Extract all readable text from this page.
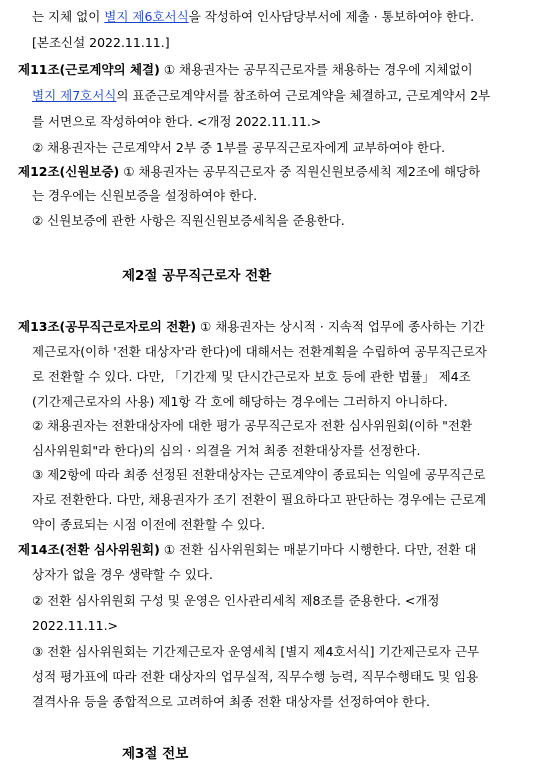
는 지체 없이 별지 제6호서식을 작성하여 인사담당부서에 제출 · 통보하여야 한다.
[본조신설 2022.11.11.]
제11조(근로계약의 체결) ① 채용권자는 공무직근로자를 채용하는 경우에 지체없이
별지 제7호서식의 표준근로계약서를 참조하여 근로계약을 체결하고, 근로계약서 2부
를 서면으로 작성하여야 한다. <개정 2022.11.11.>
② 채용권자는 근로계약서 2부 중 1부를 공무직근로자에게 교부하여야 한다.
제12조(신원보증) ① 채용권자는 공무직근로자 중 직원신원보증세칙 제2조에 해당하
는 경우에는 신원보증을 설정하여야 한다.
② 신원보증에 관한 사항은 직원신원보증세칙을 준용한다.
제2절 공무직근로자 전환
제13조(공무직근로자로의 전환) ① 채용권자는 상시적 · 지속적 업무에 종사하는 기간
제근로자(이하 '전환 대상자'라 한다)에 대해서는 전환계획을 수립하여 공무직근로자
로 전환할 수 있다. 다만, 「기간제 및 단시간근로자 보호 등에 관한 법률」 제4조
(기간제근로자의 사용) 제1항 각 호에 해당하는 경우에는 그러하지 아니하다.
② 채용권자는 전환대상자에 대한 평가 공무직근로자 전환 심사위원회(이하 "전환
심사위원회"라 한다)의 심의 · 의결을 거쳐 최종 전환대상자를 선정한다.
③ 제2항에 따라 최종 선정된 전환대상자는 근로계약이 종료되는 익일에 공무직근로
자로 전환한다. 다만, 채용권자가 조기 전환이 필요하다고 판단하는 경우에는 근로계
약이 종료되는 시점 이전에 전환할 수 있다.
제14조(전환 심사위원회) ① 전환 심사위원회는 매분기마다 시행한다. 다만, 전환 대
상자가 없을 경우 생략할 수 있다.
② 전환 심사위원회 구성 및 운영은 인사관리세칙 제8조를 준용한다. <개정
2022.11.11.>
③ 전환 심사위원회는 기간제근로자 운영세칙 [별지 제4호서식] 기간제근로자 근무
성적 평가표에 따라 전환 대상자의 업무실적, 직무수행 능력, 직무수행태도 및 임용
결격사유 등을 종합적으로 고려하여 최종 전환 대상자를 선정하여야 한다.
제3절 전보
